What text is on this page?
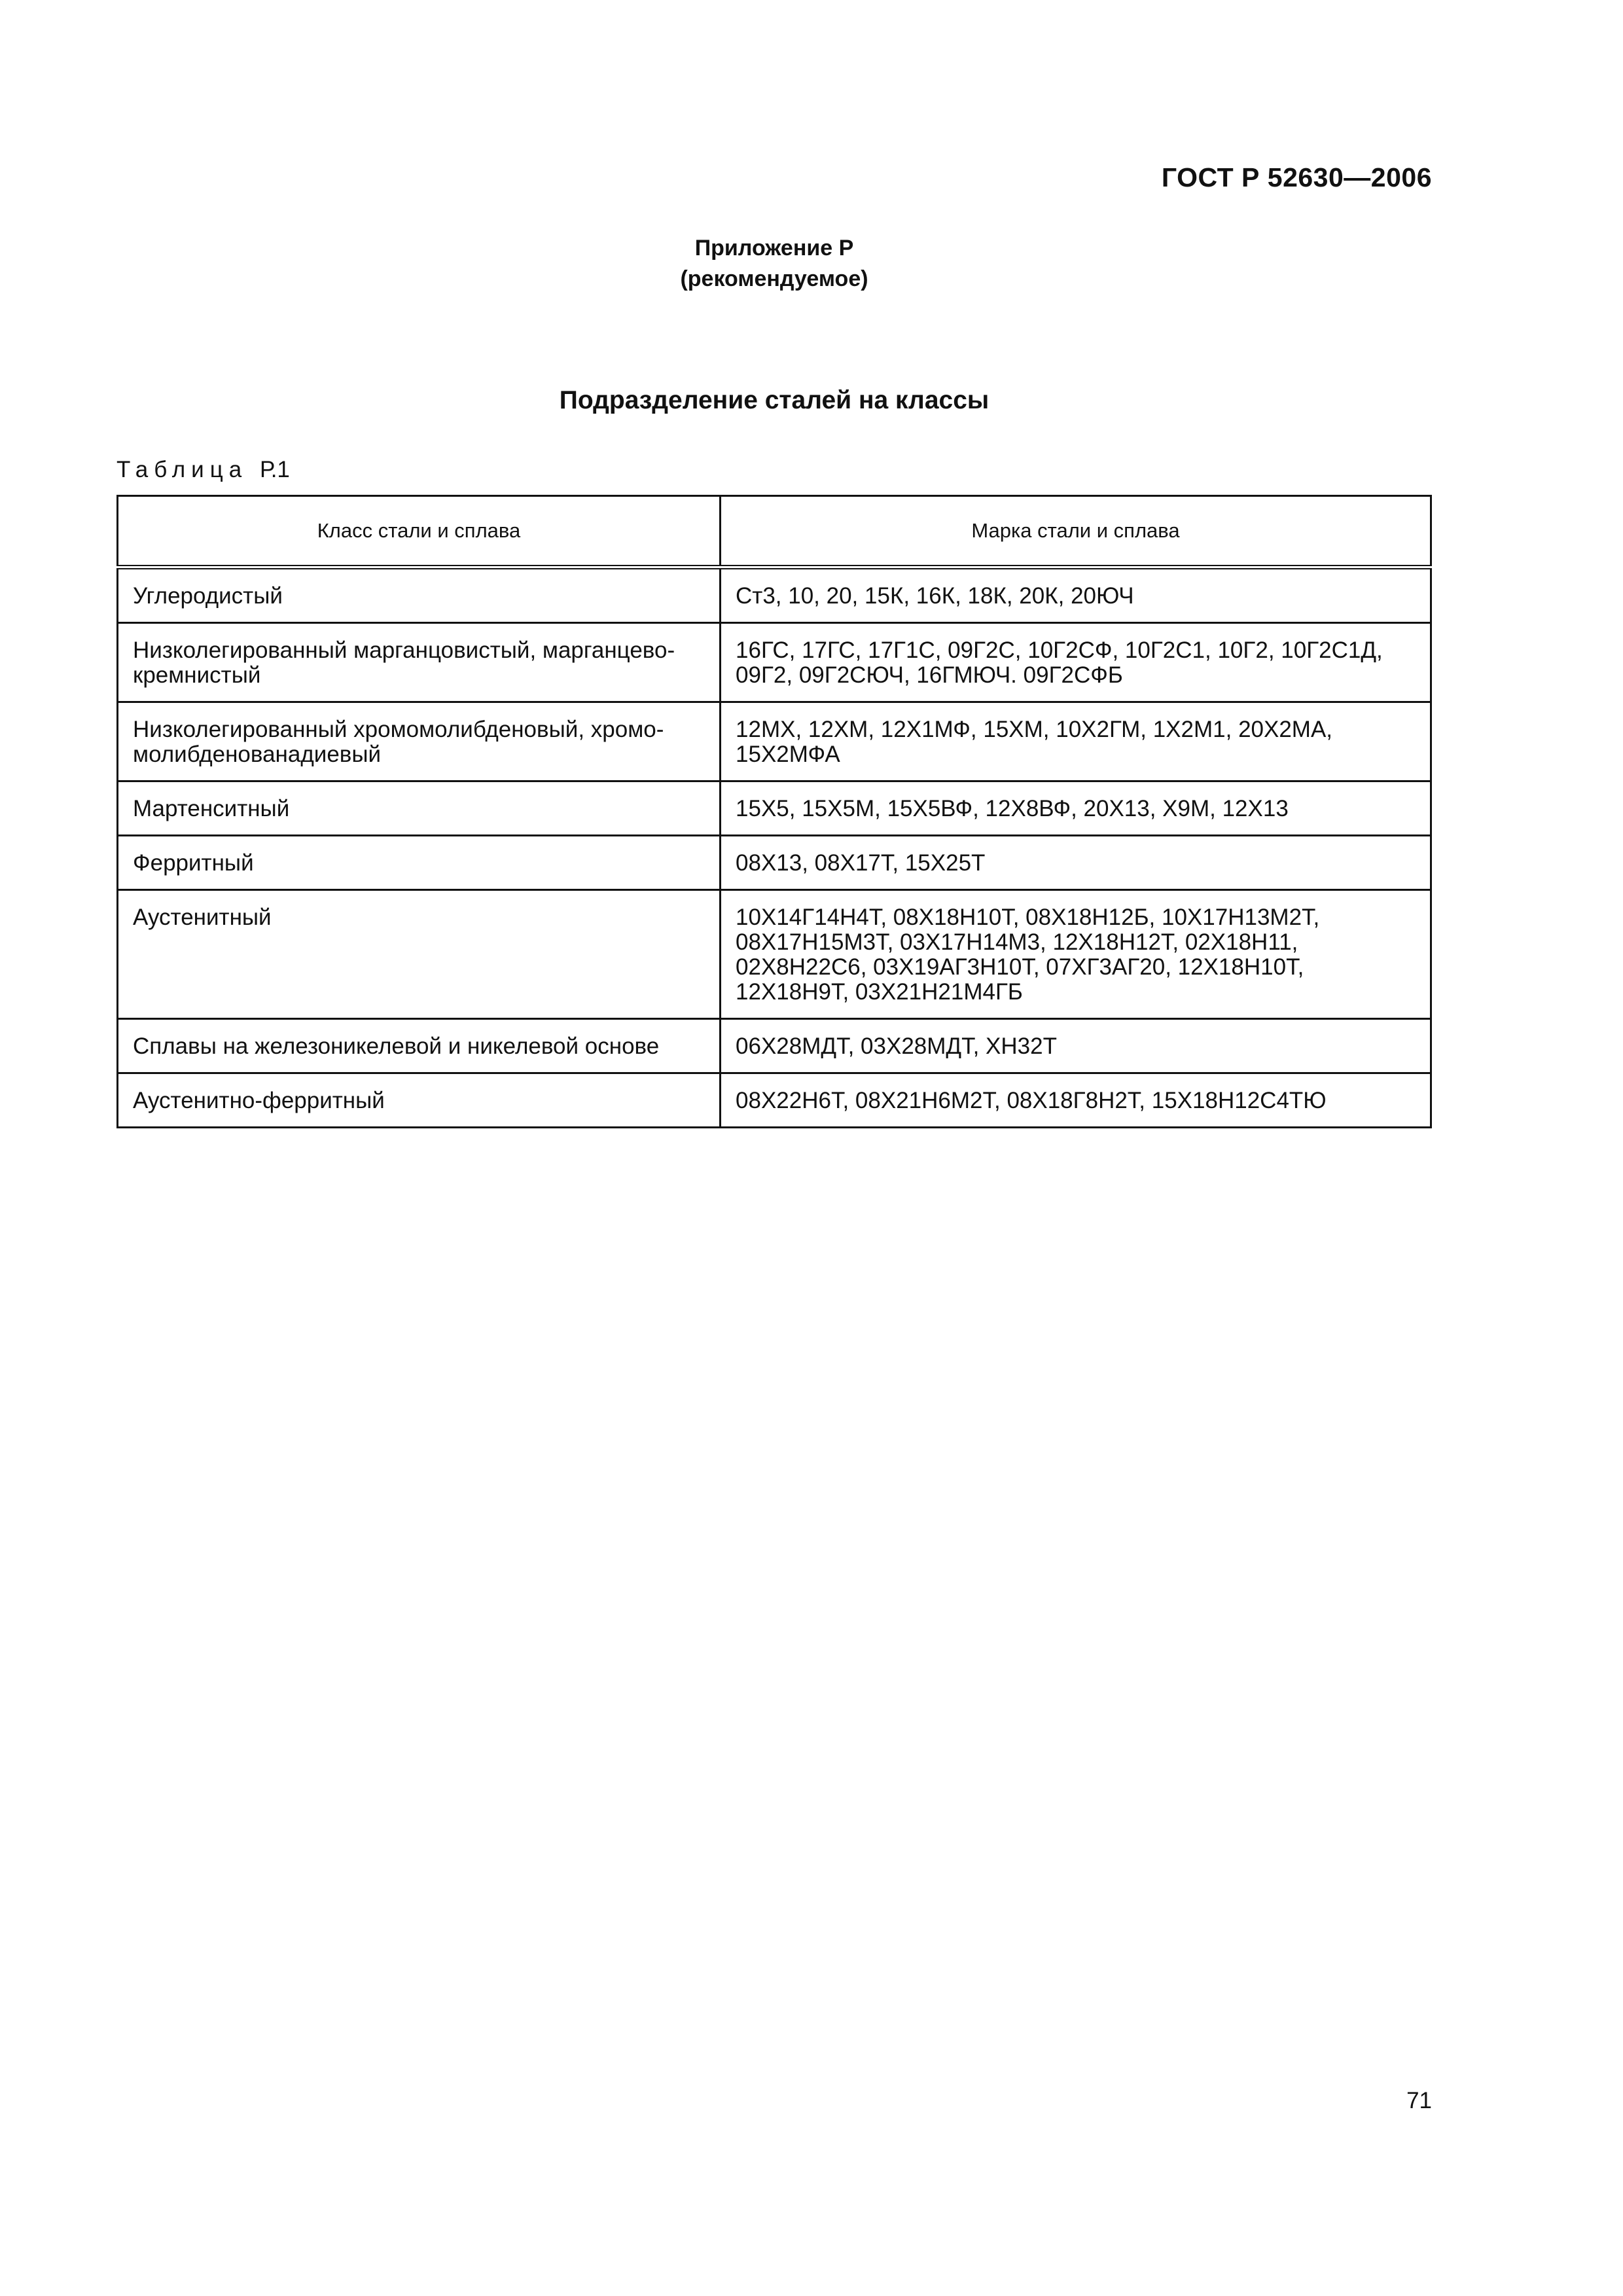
ГОСТ Р 52630—2006
Приложение Р
(рекомендуемое)
Подразделение сталей на классы
Таблица Р.1
Класс стали и сплава	Марка стали и сплава
Углеродистый	Ст3, 10, 20, 15К, 16К, 18К, 20К, 20ЮЧ
Низколегированный марганцовистый, марганцево-кремнистый	16ГС, 17ГС, 17Г1С, 09Г2С, 10Г2СФ, 10Г2С1, 10Г2, 10Г2С1Д, 09Г2, 09Г2СЮЧ, 16ГМЮЧ. 09Г2СФБ
Низколегированный хромомолибденовый, хромо-молибденованадиевый	12МХ, 12ХМ, 12Х1МФ, 15ХМ, 10Х2ГМ, 1Х2М1, 20Х2МА, 15Х2МФА
Мартенситный	15Х5, 15Х5М, 15Х5ВФ, 12Х8ВФ, 20Х13, Х9М, 12Х13
Ферритный	08Х13, 08Х17Т, 15Х25Т
Аустенитный	10Х14Г14Н4Т, 08Х18Н10Т, 08Х18Н12Б, 10Х17Н13М2Т, 08Х17Н15М3Т, 03Х17Н14М3, 12Х18Н12Т, 02Х18Н11, 02Х8Н22С6, 03Х19АГ3Н10Т, 07ХГ3АГ20, 12Х18Н10Т, 12Х18Н9Т, 03Х21Н21М4ГБ
Сплавы на железоникелевой и никелевой основе	06Х28МДТ, 03Х28МДТ, ХН32Т
Аустенитно-ферритный	08Х22Н6Т, 08Х21Н6М2Т, 08Х18Г8Н2Т, 15Х18Н12С4ТЮ
71
